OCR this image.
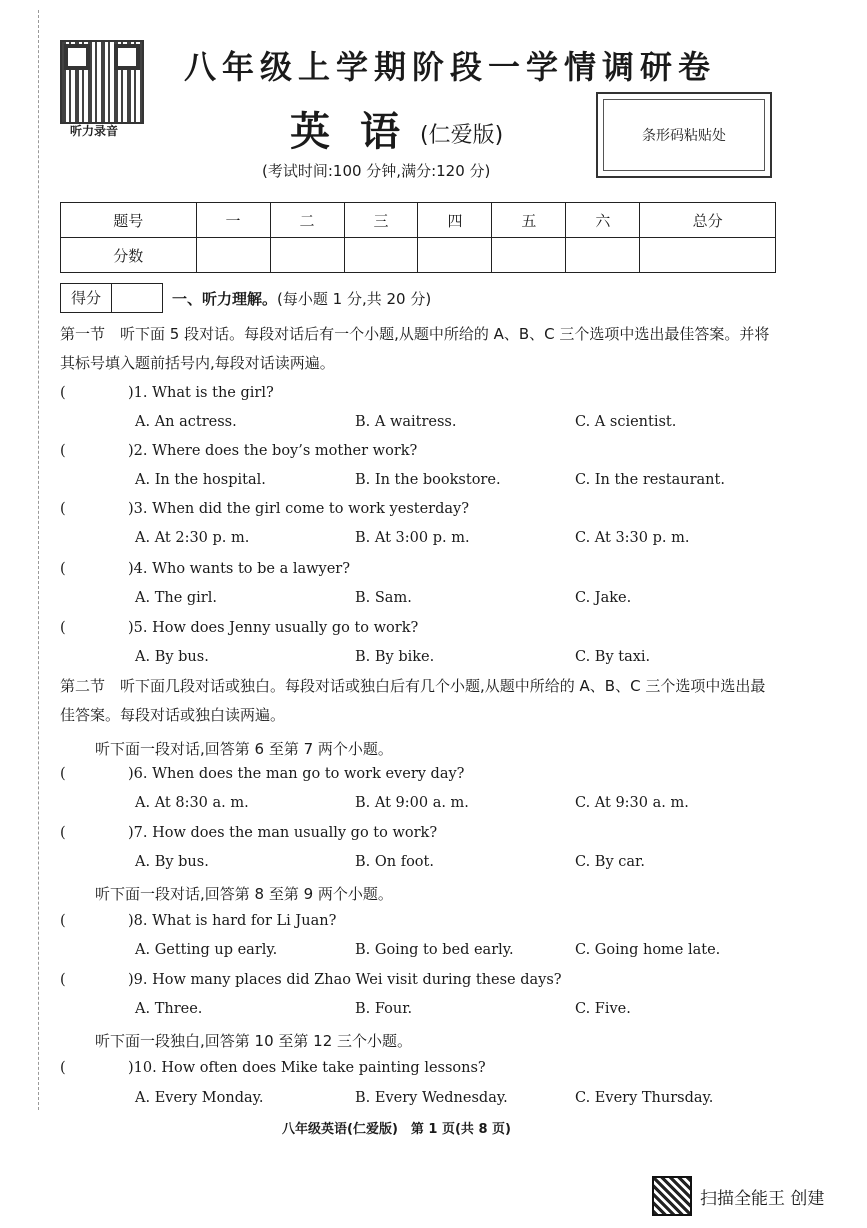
听力录音
八年级上学期阶段一学情调研卷
英语
(仁爱版)
(考试时间:100 分钟,满分:120 分)
条形码粘贴处
题号	一	二	三	四	五	六	总分
分数							
得分	一、听力理解。(每小题 1 分,共 20 分)
第一节　听下面 5 段对话。每段对话后有一个小题,从题中所给的 A、B、C 三个选项中选出最佳答案。并将其标号填入题前括号内,每段对话读两遍。
(	)1. What is the girl?
A. An actress.	B. A waitress.	C. A scientist.
(	)2. Where does the boy’s mother work?
A. In the hospital.	B. In the bookstore.	C. In the restaurant.
(	)3. When did the girl come to work yesterday?
A. At 2:30 p. m.	B. At 3:00 p. m.	C. At 3:30 p. m.
(	)4. Who wants to be a lawyer?
A. The girl.	B. Sam.	C. Jake.
(	)5. How does Jenny usually go to work?
A. By bus.	B. By bike.	C. By taxi.
第二节　听下面几段对话或独白。每段对话或独白后有几个小题,从题中所给的 A、B、C 三个选项中选出最佳答案。每段对话或独白读两遍。
听下面一段对话,回答第 6 至第 7 两个小题。
(	)6. When does the man go to work every day?
A. At 8:30 a. m.	B. At 9:00 a. m.	C. At 9:30 a. m.
(	)7. How does the man usually go to work?
A. By bus.	B. On foot.	C. By car.
听下面一段对话,回答第 8 至第 9 两个小题。
(	)8. What is hard for Li Juan?
A. Getting up early.	B. Going to bed early.	C. Going home late.
(	)9. How many places did Zhao Wei visit during these days?
A. Three.	B. Four.	C. Five.
听下面一段独白,回答第 10 至第 12 三个小题。
(	)10. How often does Mike take painting lessons?
A. Every Monday.	B. Every Wednesday.	C. Every Thursday.
八年级英语(仁爱版)　第 1 页(共 8 页)
扫描全能王 创建
